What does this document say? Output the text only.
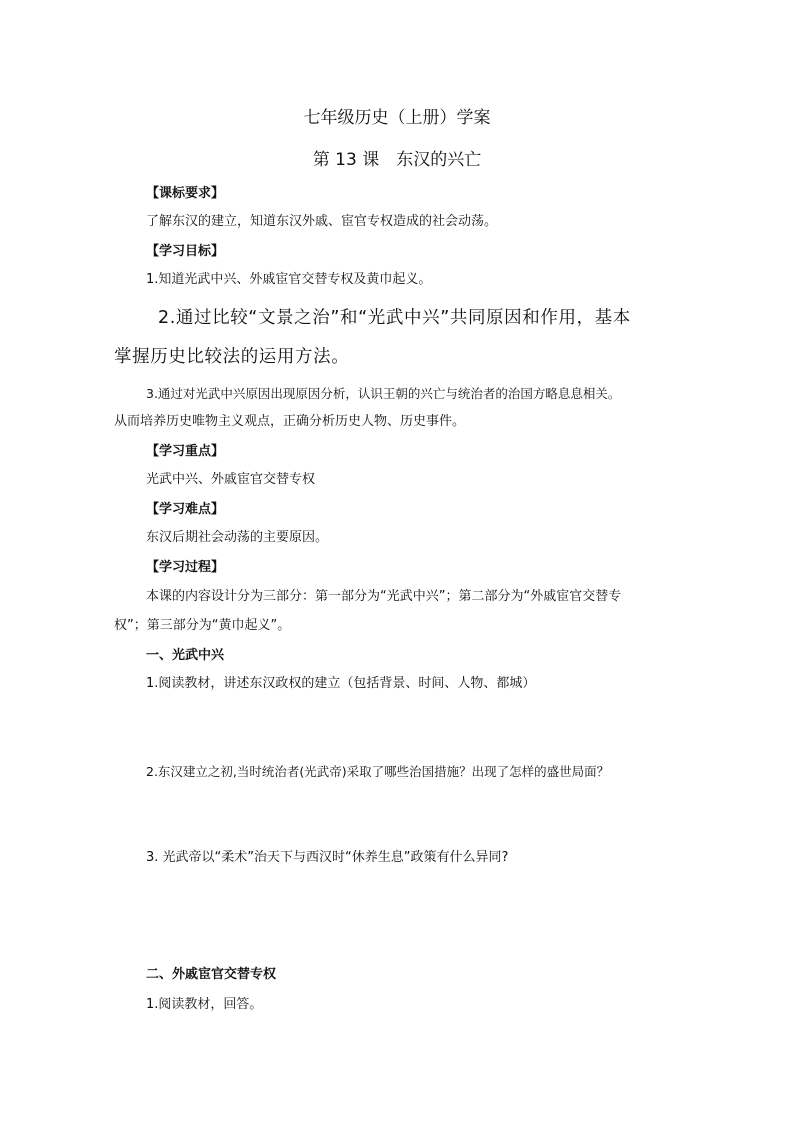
七年级历史（上册）学案
第 13 课　东汉的兴亡
【课标要求】
了解东汉的建立，知道东汉外戚、宦官专权造成的社会动荡。
【学习目标】
1.知道光武中兴、外戚宦官交替专权及黄巾起义。
2.通过比较“文景之治”和“光武中兴”共同原因和作用，基本
掌握历史比较法的运用方法。
3.通过对光武中兴原因出现原因分析，认识王朝的兴亡与统治者的治国方略息息相关。
从而培养历史唯物主义观点，正确分析历史人物、历史事件。
【学习重点】
光武中兴、外戚宦官交替专权
【学习难点】
东汉后期社会动荡的主要原因。
【学习过程】
本课的内容设计分为三部分：第一部分为“光武中兴”；第二部分为“外戚宦官交替专
权”；第三部分为“黄巾起义”。
一、光武中兴
1.阅读教材，讲述东汉政权的建立（包括背景、时间、人物、都城）
2.东汉建立之初,当时统治者(光武帝)采取了哪些治国措施？出现了怎样的盛世局面？
3. 光武帝以“柔术”治天下与西汉时“休养生息”政策有什么异同?
二、外戚宦官交替专权
1.阅读教材，回答。
